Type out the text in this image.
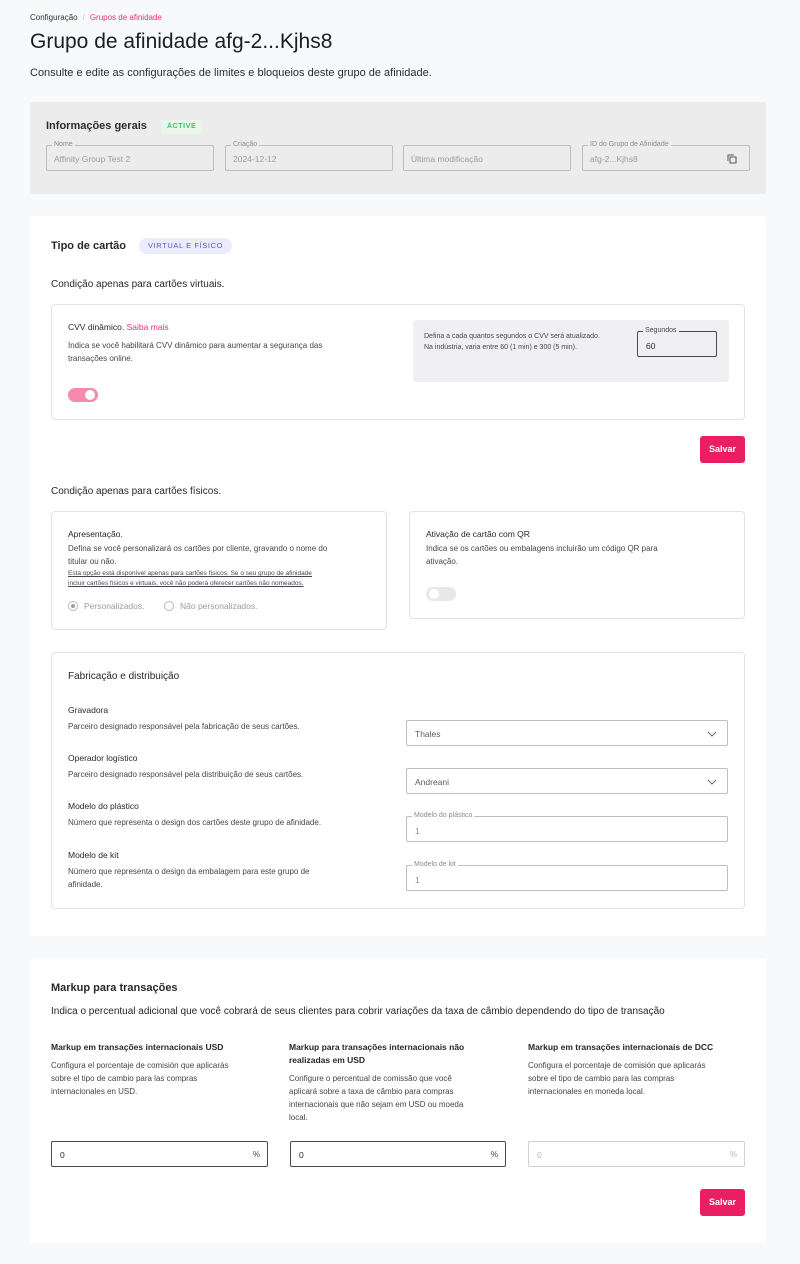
Configuração / Grupos de afinidade
Grupo de afinidade afg-2...Kjhs8
Consulte e edite as configurações de limites e bloqueios deste grupo de afinidade.
Informações gerais	ACTIVE
Nome
Affinity Group Test 2
Criação
2024-12-12	Última modificação
ID do Grupo de Afinidade
afg-2...Kjhs8
Tipo de cartão	VIRTUAL E FÍSICO
Condição apenas para cartões virtuais.
CVV dinâmico. Saiba mais
Indica se você habilitará CVV dinâmico para aumentar a segurança das
transações online.
Defina a cada quantos segundos o CVV será atualizado.
Na indústria, varia entre 60 (1 min) e 300 (5 min).
Segundos
60
Salvar
Condição apenas para cartões físicos.
Apresentação.
Defina se você personalizará os cartões por cliente, gravando o nome do
titular ou não.
Esta opção está disponível apenas para cartões físicos. Se o seu grupo de afinidade
incluir cartões físicos e virtuais, você não poderá oferecer cartões não nomeados.
Personalizados.	Não personalizados.
Ativação de cartão com QR
Indica se os cartões ou embalagens incluirão um código QR para
ativação.
Fabricação e distribuição
Gravadora
Parceiro designado responsável pela fabricação de seus cartões.
Thales
Operador logístico
Parceiro designado responsável pela distribuição de seus cartões.
Andreani
Modelo do plástico
Número que representa o design dos cartões deste grupo de afinidade.
Modelo do plástico
1
Modelo de kit
Número que representa o design da embalagem para este grupo de
afinidade.
Modelo de kit
1
Markup para transações
Indica o percentual adicional que você cobrará de seus clientes para cobrir variações da taxa de câmbio dependendo do tipo de transação
Markup em transações internacionais USD
Configura el porcentaje de comisión que aplicarás
sobre el tipo de cambio para las compras
internacionales en USD.
0	%
Markup para transações internacionais não
realizadas em USD
Configure o percentual de comissão que você
aplicará sobre a taxa de câmbio para compras
internacionais que não sejam em USD ou moeda
local.
0	%
Markup em transações internacionais de DCC
Configura el porcentaje de comisión que aplicarás
sobre el tipo de cambio para las compras
internacionales en moneda local.
0	%
Salvar
